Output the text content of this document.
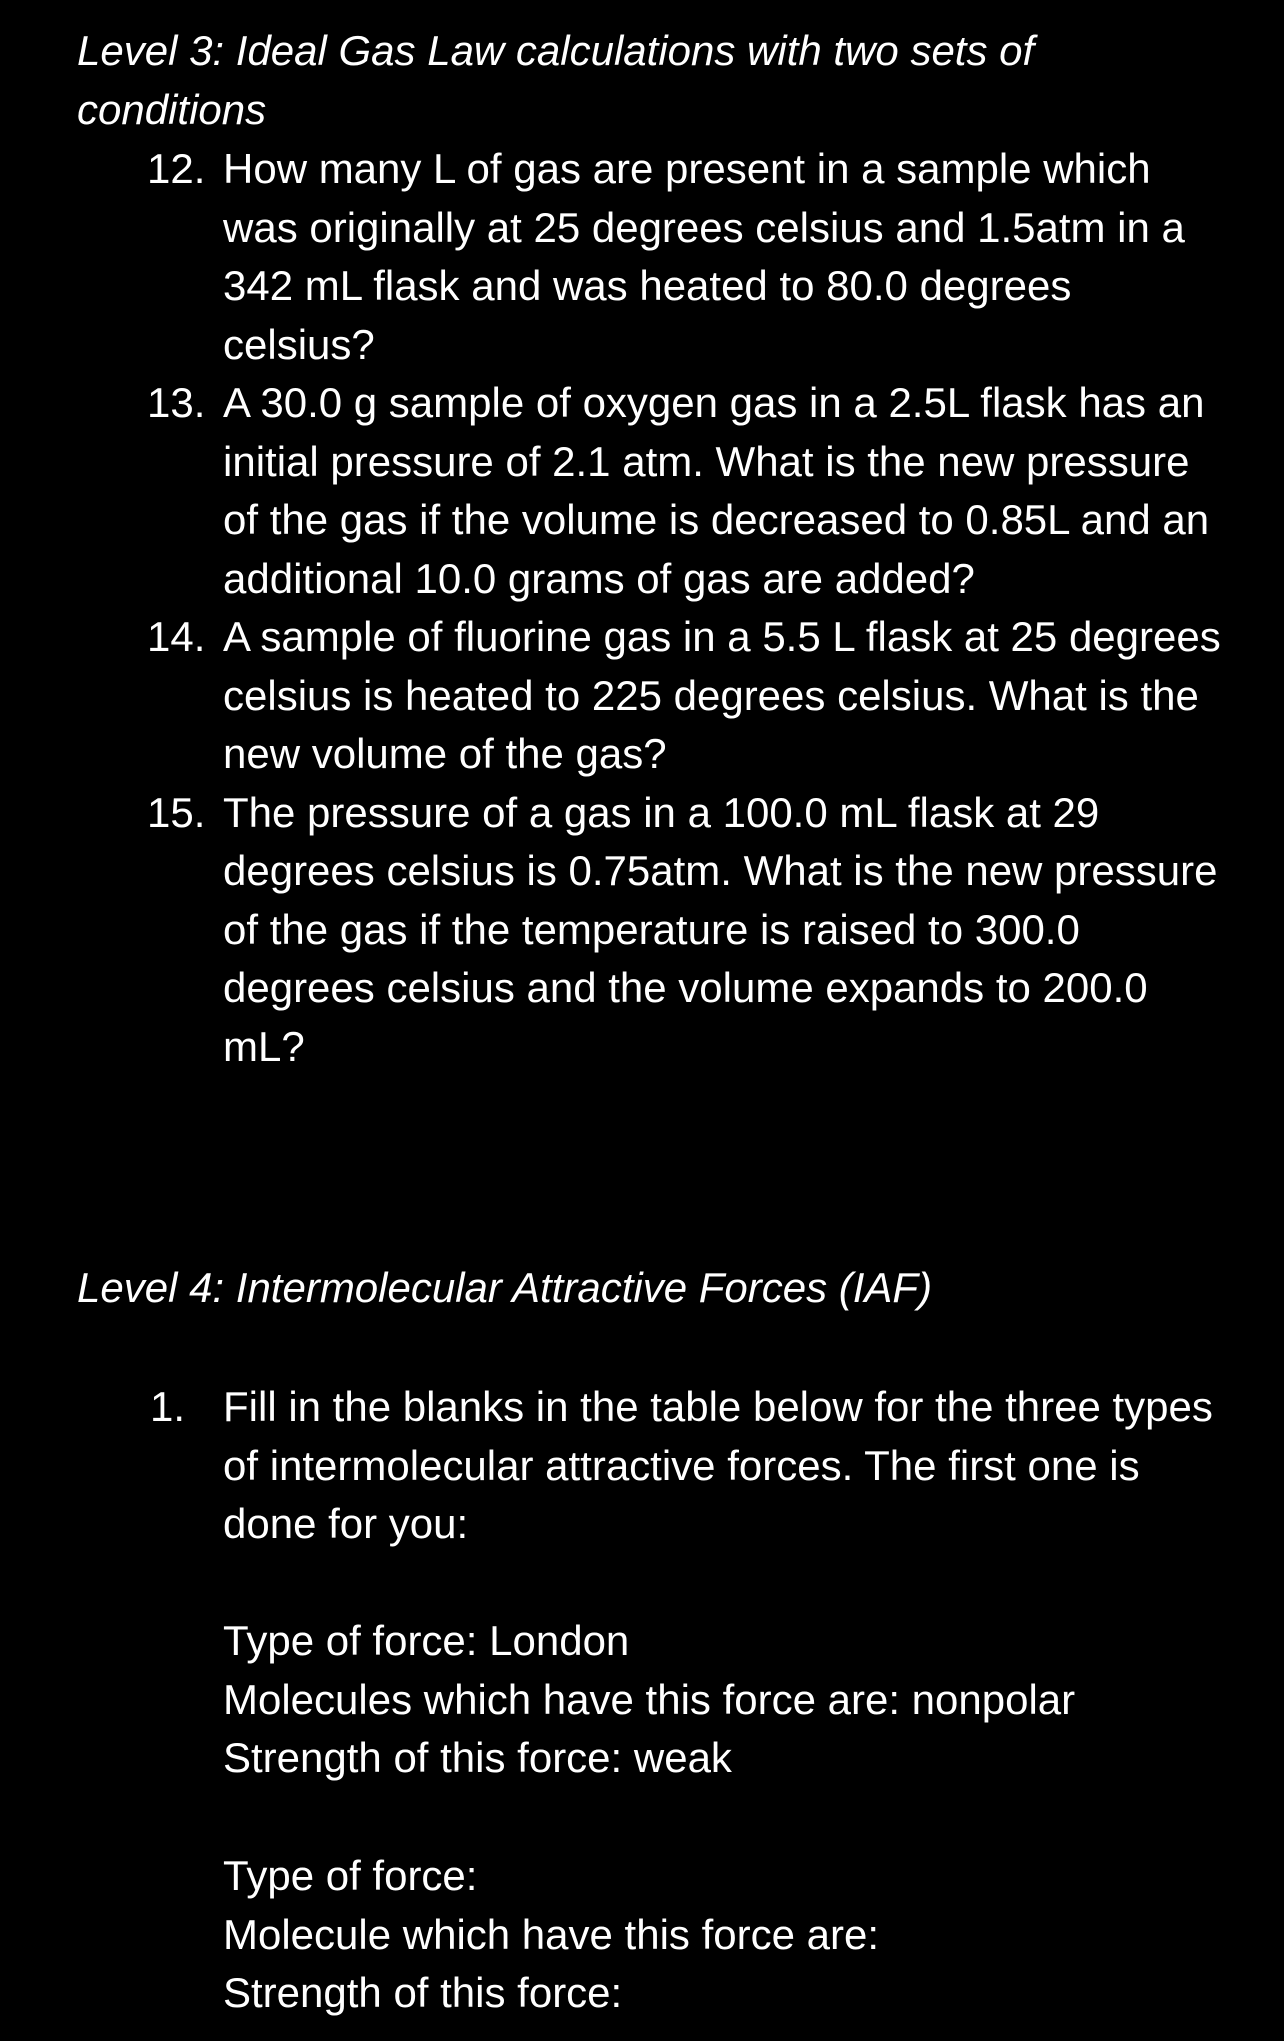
Level 3: Ideal Gas Law calculations with two sets of
conditions
12. How many L of gas are present in a sample which was originally at 25 degrees celsius and 1.5atm in a 342 mL flask and was heated to 80.0 degrees celsius?
13. A 30.0 g sample of oxygen gas in a 2.5L flask has an initial pressure of 2.1 atm. What is the new pressure of the gas if the volume is decreased to 0.85L and an additional 10.0 grams of gas are added?
14. A sample of fluorine gas in a 5.5 L flask at 25 degrees celsius is heated to 225 degrees celsius. What is the new volume of the gas?
15. The pressure of a gas in a 100.0 mL flask at 29 degrees celsius is 0.75atm. What is the new pressure of the gas if the temperature is raised to 300.0 degrees celsius and the volume expands to 200.0 mL?
Level 4: Intermolecular Attractive Forces (IAF)
1. Fill in the blanks in the table below for the three types of intermolecular attractive forces. The first one is done for you:
Type of force: London
Molecules which have this force are: nonpolar
Strength of this force: weak
Type of force:
Molecule which have this force are:
Strength of this force:
